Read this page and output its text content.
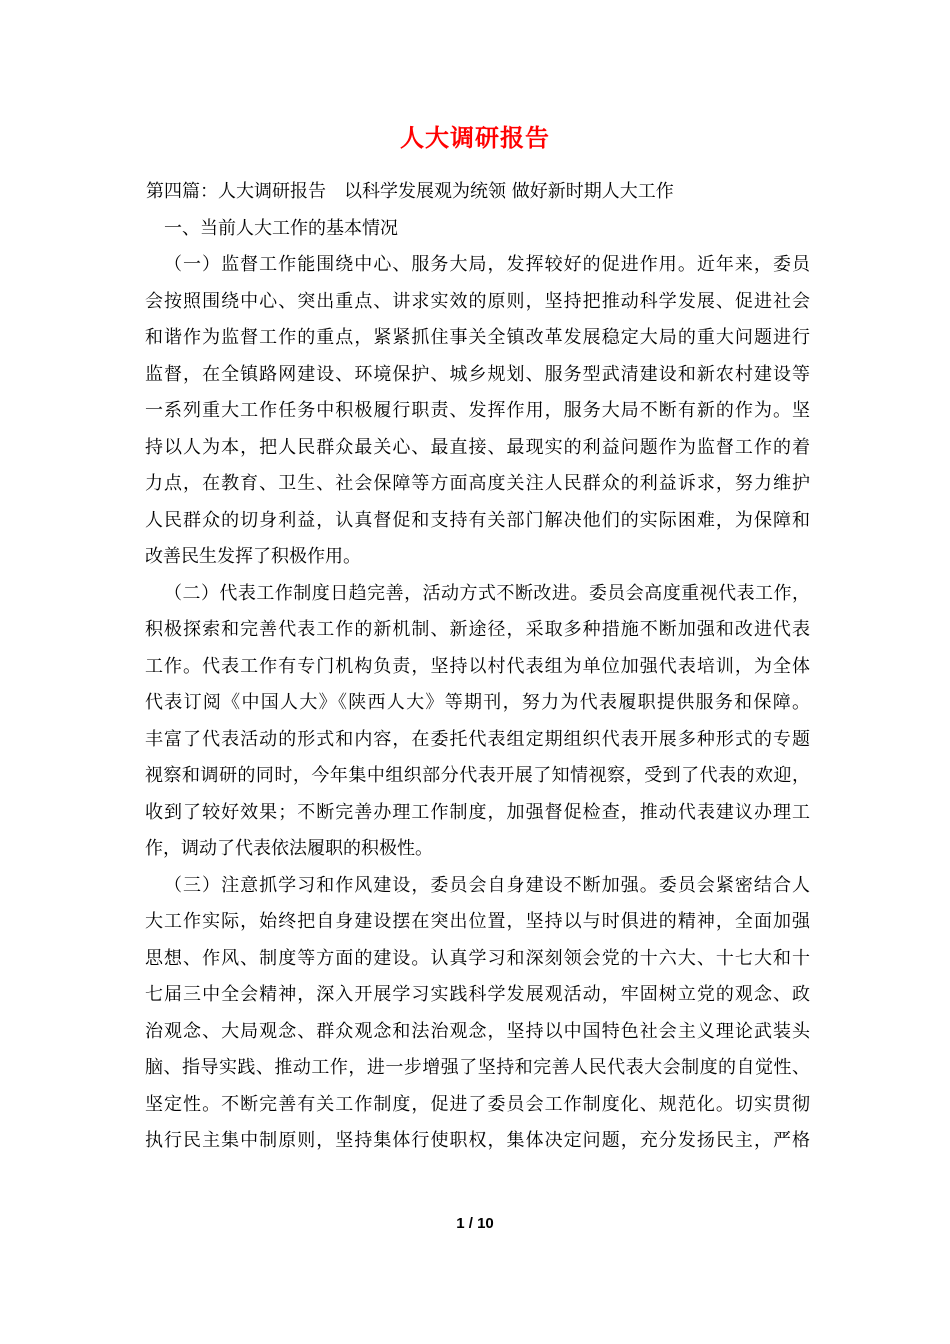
人大调研报告
第四篇：人大调研报告　以科学发展观为统领 做好新时期人大工作
一、当前人大工作的基本情况
（一）监督工作能围绕中心、服务大局，发挥较好的促进作用。近年来，委员
会按照围绕中心、突出重点、讲求实效的原则，坚持把推动科学发展、促进社会
和谐作为监督工作的重点，紧紧抓住事关全镇改革发展稳定大局的重大问题进行
监督，在全镇路网建设、环境保护、城乡规划、服务型武清建设和新农村建设等
一系列重大工作任务中积极履行职责、发挥作用，服务大局不断有新的作为。坚
持以人为本，把人民群众最关心、最直接、最现实的利益问题作为监督工作的着
力点，在教育、卫生、社会保障等方面高度关注人民群众的利益诉求，努力维护
人民群众的切身利益，认真督促和支持有关部门解决他们的实际困难，为保障和
改善民生发挥了积极作用。
（二）代表工作制度日趋完善，活动方式不断改进。委员会高度重视代表工作，
积极探索和完善代表工作的新机制、新途径，采取多种措施不断加强和改进代表
工作。代表工作有专门机构负责，坚持以村代表组为单位加强代表培训，为全体
代表订阅《中国人大》《陕西人大》等期刊，努力为代表履职提供服务和保障。
丰富了代表活动的形式和内容，在委托代表组定期组织代表开展多种形式的专题
视察和调研的同时，今年集中组织部分代表开展了知情视察，受到了代表的欢迎，
收到了较好效果；不断完善办理工作制度，加强督促检查，推动代表建议办理工
作，调动了代表依法履职的积极性。
（三）注意抓学习和作风建设，委员会自身建设不断加强。委员会紧密结合人
大工作实际，始终把自身建设摆在突出位置，坚持以与时俱进的精神，全面加强
思想、作风、制度等方面的建设。认真学习和深刻领会党的十六大、十七大和十
七届三中全会精神，深入开展学习实践科学发展观活动，牢固树立党的观念、政
治观念、大局观念、群众观念和法治观念，坚持以中国特色社会主义理论武装头
脑、指导实践、推动工作，进一步增强了坚持和完善人民代表大会制度的自觉性、
坚定性。不断完善有关工作制度，促进了委员会工作制度化、规范化。切实贯彻
执行民主集中制原则，坚持集体行使职权，集体决定问题，充分发扬民主，严格
1 / 10
